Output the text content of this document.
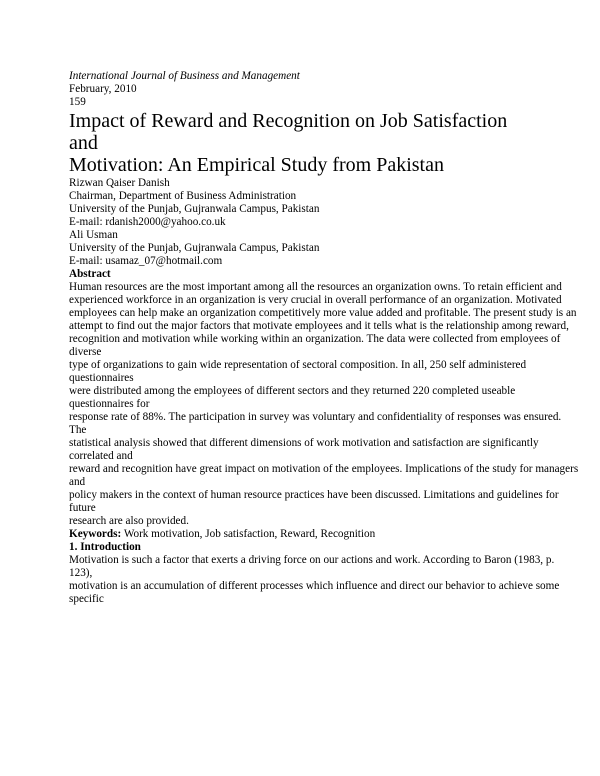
International Journal of Business and Management
February, 2010
159
Impact of Reward and Recognition on Job Satisfaction
and
Motivation: An Empirical Study from Pakistan
Rizwan Qaiser Danish
Chairman, Department of Business Administration
University of the Punjab, Gujranwala Campus, Pakistan
E-mail: rdanish2000@yahoo.co.uk
Ali Usman
University of the Punjab, Gujranwala Campus, Pakistan
E-mail: usamaz_07@hotmail.com
Abstract
Human resources are the most important among all the resources an organization owns. To retain efficient and
experienced workforce in an organization is very crucial in overall performance of an organization. Motivated
employees can help make an organization competitively more value added and profitable. The present study is an
attempt to find out the major factors that motivate employees and it tells what is the relationship among reward,
recognition and motivation while working within an organization. The data were collected from employees of diverse
type of organizations to gain wide representation of sectoral composition. In all, 250 self administered questionnaires
were distributed among the employees of different sectors and they returned 220 completed useable questionnaires for
response rate of 88%. The participation in survey was voluntary and confidentiality of responses was ensured. The
statistical analysis showed that different dimensions of work motivation and satisfaction are significantly correlated and
reward and recognition have great impact on motivation of the employees. Implications of the study for managers and
policy makers in the context of human resource practices have been discussed. Limitations and guidelines for future
research are also provided.
Keywords: Work motivation, Job satisfaction, Reward, Recognition
1. Introduction
Motivation is such a factor that exerts a driving force on our actions and work. According to Baron (1983, p. 123),
motivation is an accumulation of different processes which influence and direct our behavior to achieve some specific
